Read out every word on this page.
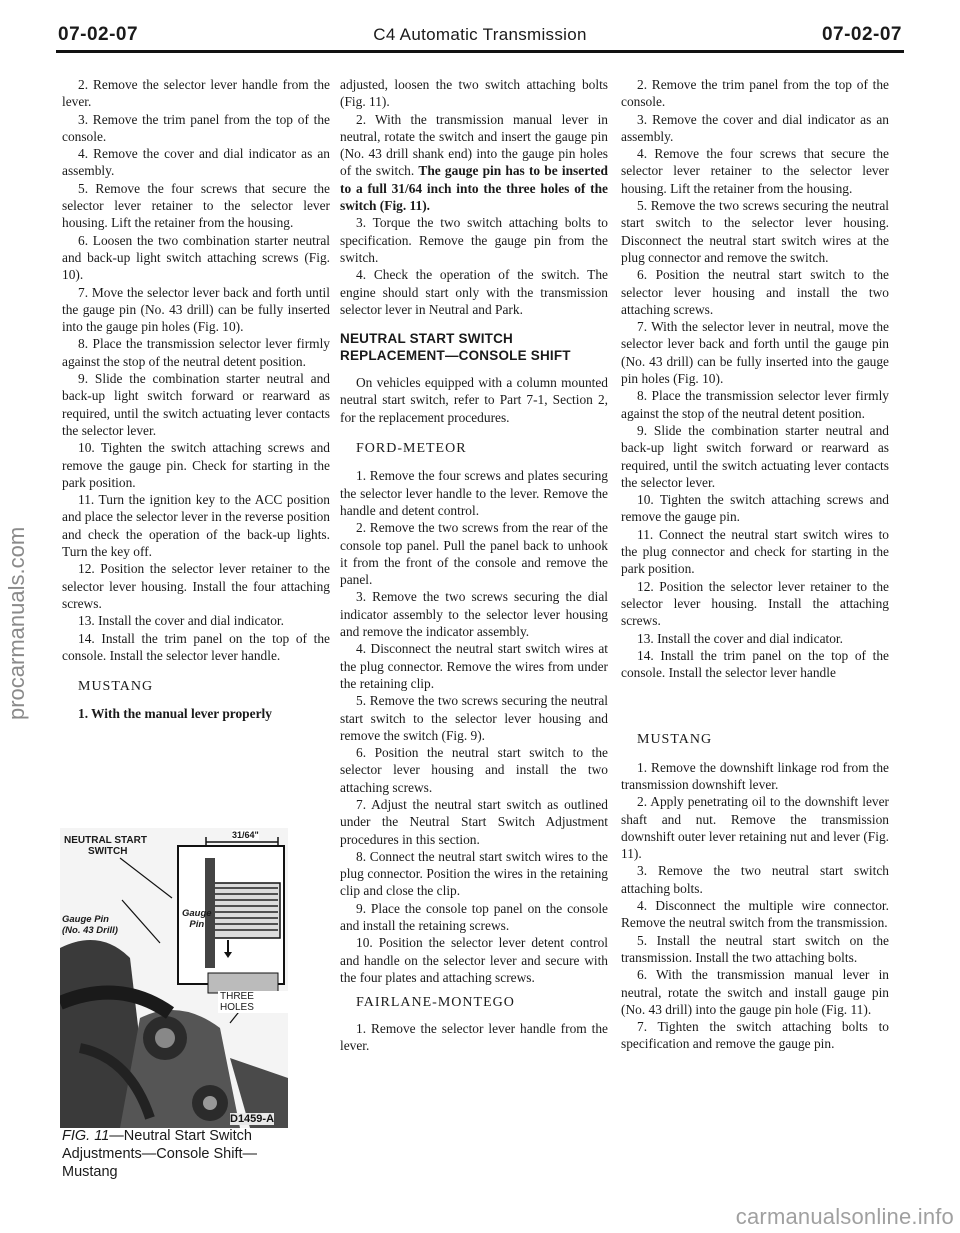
07-02-07	C4 Automatic Transmission	07-02-07

2. Remove the selector lever handle from the lever.

3. Remove the trim panel from the top of the console.

4. Remove the cover and dial indicator as an assembly.

5. Remove the four screws that secure the selector lever retainer to the selector lever housing. Lift the retainer from the housing.

6. Loosen the two combination starter neutral and back-up light switch attaching screws (Fig. 10).

7. Move the selector lever back and forth until the gauge pin (No. 43 drill) can be fully inserted into the gauge pin holes (Fig. 10).

8. Place the transmission selector lever firmly against the stop of the neutral detent position.

9. Slide the combination starter neutral and back-up light switch forward or rearward as required, until the switch actuating lever contacts the selector lever.

10. Tighten the switch attaching screws and remove the gauge pin. Check for starting in the park position.

11. Turn the ignition key to the ACC position and place the selector lever in the reverse position and check the operation of the back-up lights. Turn the key off.

12. Position the selector lever retainer to the selector lever housing. Install the four attaching screws.

13. Install the cover and dial indicator.

14. Install the trim panel on the top of the console. Install the selector lever handle.

MUSTANG

1. With the manual lever properly

NEUTRAL START
SWITCH
Gauge Pin
(No. 43 Drill)
31/64"
Gauge
Pin
THREE HOLES
D1459-A
FIG. 11—Neutral Start Switch Adjustments—Console Shift—Mustang

adjusted, loosen the two switch attaching bolts (Fig. 11).

2. With the transmission manual lever in neutral, rotate the switch and insert the gauge pin (No. 43 drill shank end) into the gauge pin holes of the switch. The gauge pin has to be inserted to a full 31/64 inch into the three holes of the switch (Fig. 11).

3. Torque the two switch attaching bolts to specification. Remove the gauge pin from the switch.

4. Check the operation of the switch. The engine should start only with the transmission selector lever in Neutral and Park.

NEUTRAL START SWITCH
REPLACEMENT—CONSOLE SHIFT

On vehicles equipped with a column mounted neutral start switch, refer to Part 7-1, Section 2, for the replacement procedures.

FORD-METEOR

1. Remove the four screws and plates securing the selector lever handle to the lever. Remove the handle and detent control.

2. Remove the two screws from the rear of the console top panel. Pull the panel back to unhook it from the front of the console and remove the panel.

3. Remove the two screws securing the dial indicator assembly to the selector lever housing and remove the indicator assembly.

4. Disconnect the neutral start switch wires at the plug connector. Remove the wires from under the retaining clip.

5. Remove the two screws securing the neutral start switch to the selector lever housing and remove the switch (Fig. 9).

6. Position the neutral start switch to the selector lever housing and install the two attaching screws.

7. Adjust the neutral start switch as outlined under the Neutral Start Switch Adjustment procedures in this section.

8. Connect the neutral start switch wires to the plug connector. Position the wires in the retaining clip and close the clip.

9. Place the console top panel on the console and install the retaining screws.

10. Position the selector lever detent control and handle on the selector lever and secure with the four plates and attaching screws.

FAIRLANE-MONTEGO

1. Remove the selector lever handle from the lever.

2. Remove the trim panel from the top of the console.

3. Remove the cover and dial indicator as an assembly.

4. Remove the four screws that secure the selector lever retainer to the selector lever housing. Lift the retainer from the housing.

5. Remove the two screws securing the neutral start switch to the selector lever housing. Disconnect the neutral start switch wires at the plug connector and remove the switch.

6. Position the neutral start switch to the selector lever housing and install the two attaching screws.

7. With the selector lever in neutral, move the selector lever back and forth until the gauge pin (No. 43 drill) can be fully inserted into the gauge pin holes (Fig. 10).

8. Place the transmission selector lever firmly against the stop of the neutral detent position.

9. Slide the combination starter neutral and back-up light switch forward or rearward as required, until the switch actuating lever contacts the selector lever.

10. Tighten the switch attaching screws and remove the gauge pin.

11. Connect the neutral start switch wires to the plug connector and check for starting in the park position.

12. Position the selector lever retainer to the selector lever housing. Install the attaching screws.

13. Install the cover and dial indicator.

14. Install the trim panel on the top of the console. Install the selector lever handle

MUSTANG

1. Remove the downshift linkage rod from the transmission downshift lever.

2. Apply penetrating oil to the downshift lever shaft and nut. Remove the transmission downshift outer lever retaining nut and lever (Fig. 11).

3. Remove the two neutral start switch attaching bolts.

4. Disconnect the multiple wire connector. Remove the neutral switch from the transmission.

5. Install the neutral start switch on the transmission. Install the two attaching bolts.

6. With the transmission manual lever in neutral, rotate the switch and install gauge pin (No. 43 drill) into the gauge pin hole (Fig. 11).

7. Tighten the switch attaching bolts to specification and remove the gauge pin.

procarmanuals.com
carmanualsonline.info
